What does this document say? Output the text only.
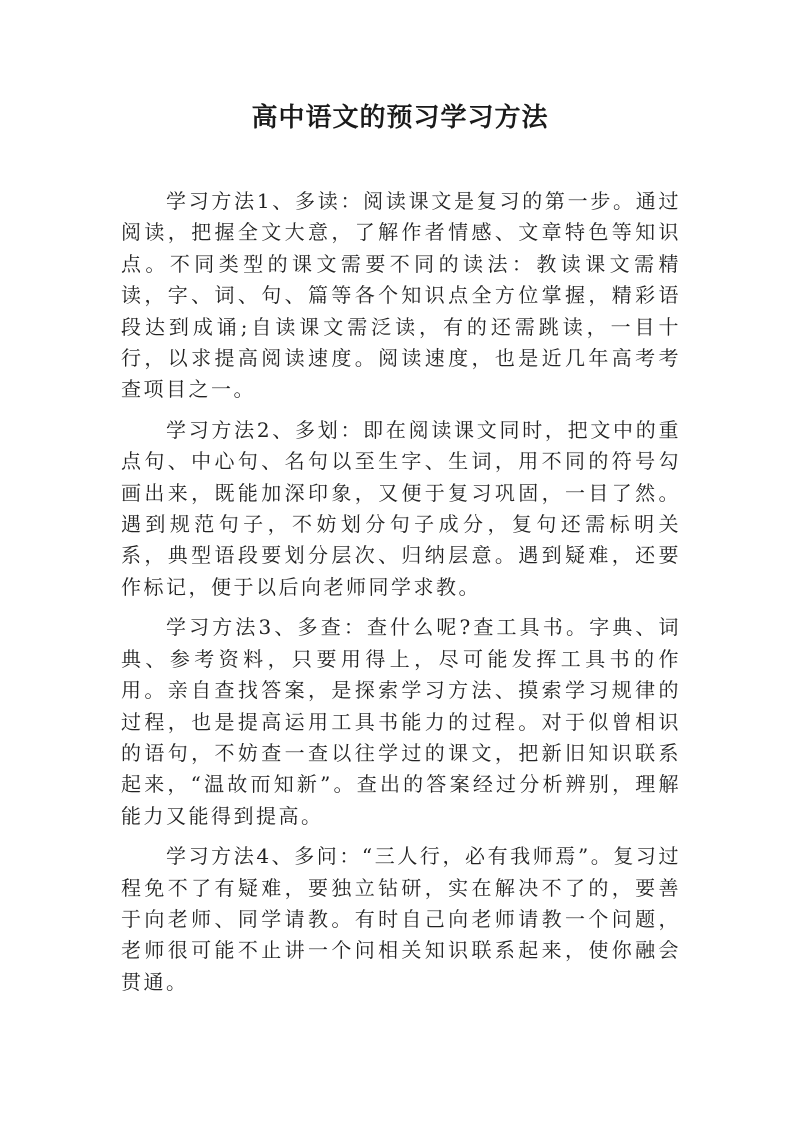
高中语文的预习学习方法

学习方法1、多读：阅读课文是复习的第一步。通过阅读，把握全文大意，了解作者情感、文章特色等知识点。不同类型的课文需要不同的读法：教读课文需精读，字、词、句、篇等各个知识点全方位掌握，精彩语段达到成诵;自读课文需泛读，有的还需跳读，一目十行，以求提高阅读速度。阅读速度，也是近几年高考考查项目之一。

学习方法2、多划：即在阅读课文同时，把文中的重点句、中心句、名句以至生字、生词，用不同的符号勾画出来，既能加深印象，又便于复习巩固，一目了然。遇到规范句子，不妨划分句子成分，复句还需标明关系，典型语段要划分层次、归纳层意。遇到疑难，还要作标记，便于以后向老师同学求教。

学习方法3、多查：查什么呢?查工具书。字典、词典、参考资料，只要用得上，尽可能发挥工具书的作用。亲自查找答案，是探索学习方法、摸索学习规律的过程，也是提高运用工具书能力的过程。对于似曾相识的语句，不妨查一查以往学过的课文，把新旧知识联系起来，“温故而知新”。查出的答案经过分析辨别，理解能力又能得到提高。

学习方法4、多问：“三人行，必有我师焉”。复习过程免不了有疑难，要独立钻研，实在解决不了的，要善于向老师、同学请教。有时自己向老师请教一个问题，老师很可能不止讲一个问相关知识联系起来，使你融会贯通。
